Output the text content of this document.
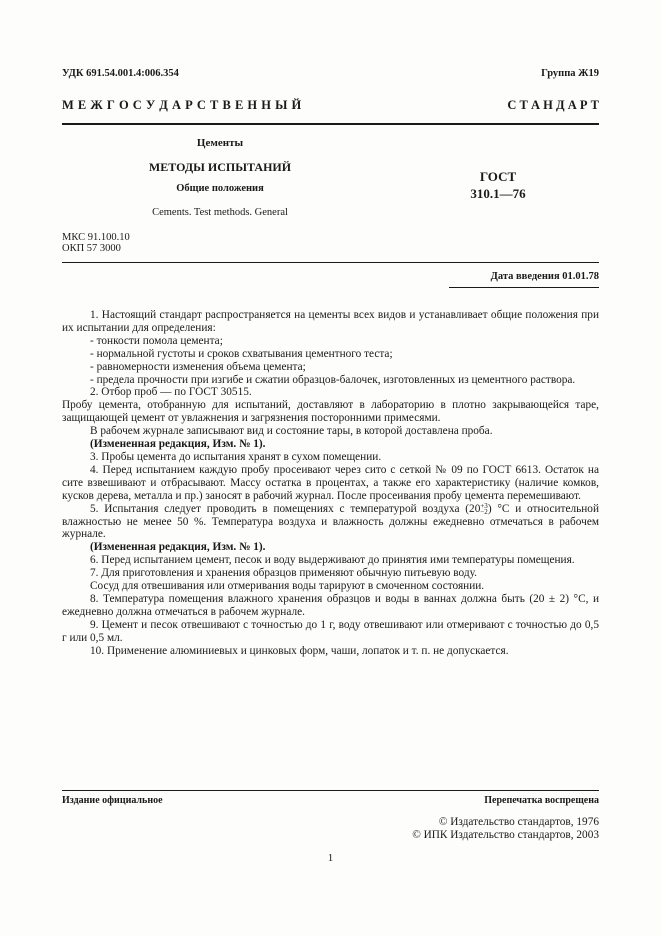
УДК 691.54.001.4:006.354	Группа Ж19
М Е Ж Г О С У Д А Р С Т В Е Н Н Ы Й	С Т А Н Д А Р Т
Цементы
МЕТОДЫ ИСПЫТАНИЙ
Общие положения
Cements. Test methods. General
ГОСТ
310.1—76
МКС 91.100.10
ОКП 57 3000
Дата введения 01.01.78

1. Настоящий стандарт распространяется на цементы всех видов и устанавливает общие положения при их испытании для определения:

- тонкости помола цемента;

- нормальной густоты и сроков схватывания цементного теста;

- равномерности изменения объема цемента;

- предела прочности при изгибе и сжатии образцов-балочек, изготовленных из цементного раствора.

2. Отбор проб — по ГОСТ 30515.

Пробу цемента, отобранную для испытаний, доставляют в лабораторию в плотно закрывающейся таре, защищающей цемент от увлажнения и загрязнения посторонними примесями.

В рабочем журнале записывают вид и состояние тары, в которой доставлена проба.

(Измененная редакция, Изм. № 1).

3. Пробы цемента до испытания хранят в сухом помещении.

4. Перед испытанием каждую пробу просеивают через сито с сеткой № 09 по ГОСТ 6613. Остаток на сите взвешивают и отбрасывают. Массу остатка в процентах, а также его характеристику (наличие комков, кусков дерева, металла и пр.) заносят в рабочий журнал. После просеивания пробу цемента перемешивают.

5. Испытания следует проводить в помещениях с температурой воздуха (20 +3
−2 ) °С и относительной влажностью не менее 50 %. Температура воздуха и влажность должны ежедневно отмечаться в рабочем журнале.

(Измененная редакция, Изм. № 1).

6. Перед испытанием цемент, песок и воду выдерживают до принятия ими температуры помещения.

7. Для приготовления и хранения образцов применяют обычную питьевую воду.

Сосуд для отвешивания или отмеривания воды тарируют в смоченном состоянии.

8. Температура помещения влажного хранения образцов и воды в ваннах должна быть (20 ± 2) °С, и ежедневно должна отмечаться в рабочем журнале.

9. Цемент и песок отвешивают с точностью до 1 г, воду отвешивают или отмеривают с точностью до 0,5 г или 0,5 мл.

10. Применение алюминиевых и цинковых форм, чаши, лопаток и т. п. не допускается.

Издание официальное	Перепечатка воспрещена
© Издательство стандартов, 1976
© ИПК Издательство стандартов, 2003
1
